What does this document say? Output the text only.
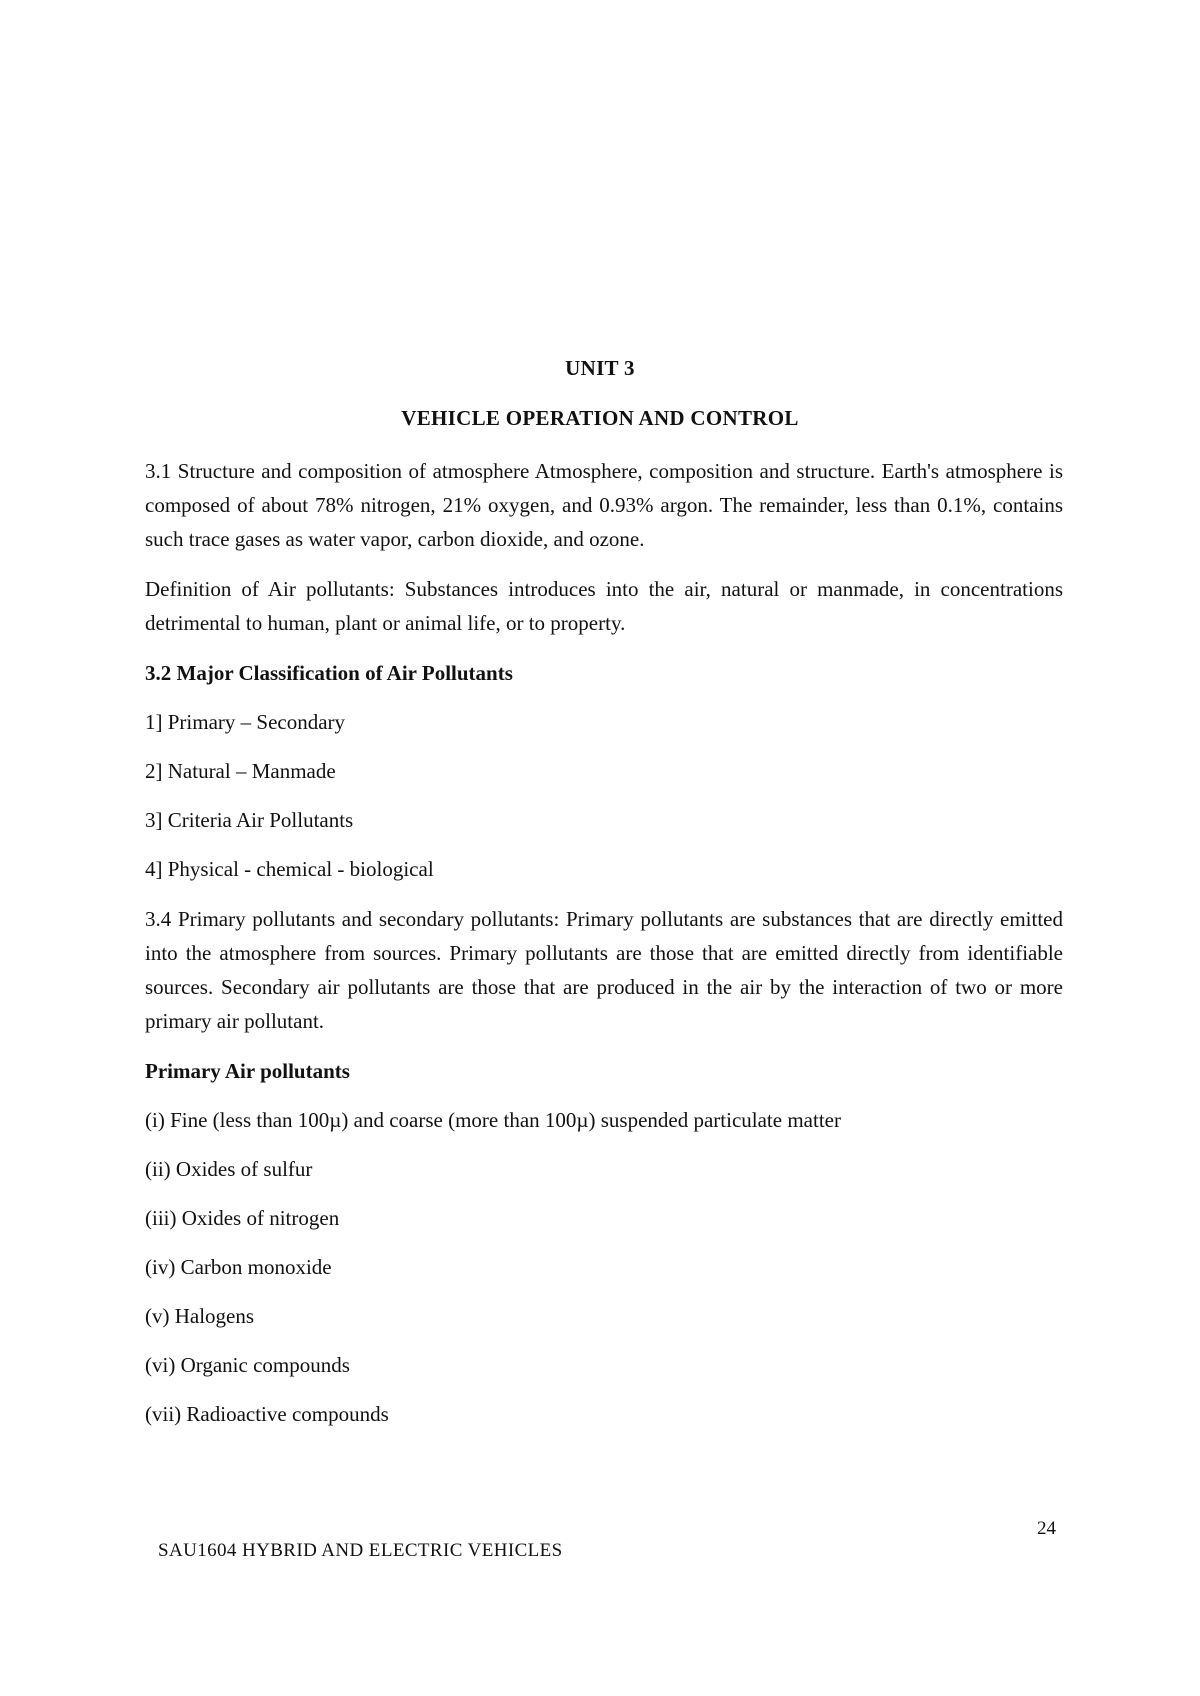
UNIT 3
VEHICLE OPERATION AND CONTROL

3.1 Structure and composition of atmosphere Atmosphere, composition and structure. Earth's atmosphere is composed of about 78% nitrogen, 21% oxygen, and 0.93% argon. The remainder, less than 0.1%, contains such trace gases as water vapor, carbon dioxide, and ozone.

Definition of Air pollutants: Substances introduces into the air, natural or manmade, in concentrations detrimental to human, plant or animal life, or to property.

3.2 Major Classification of Air Pollutants

1] Primary – Secondary

2] Natural – Manmade

3] Criteria Air Pollutants

4] Physical - chemical - biological

3.4 Primary pollutants and secondary pollutants: Primary pollutants are substances that are directly emitted into the atmosphere from sources. Primary pollutants are those that are emitted directly from identifiable sources. Secondary air pollutants are those that are produced in the air by the interaction of two or more primary air pollutant.

Primary Air pollutants

(i) Fine (less than 100µ) and coarse (more than 100µ) suspended particulate matter

(ii) Oxides of sulfur

(iii) Oxides of nitrogen

(iv) Carbon monoxide

(v) Halogens

(vi) Organic compounds

(vii) Radioactive compounds

24
SAU1604 HYBRID AND ELECTRIC VEHICLES
